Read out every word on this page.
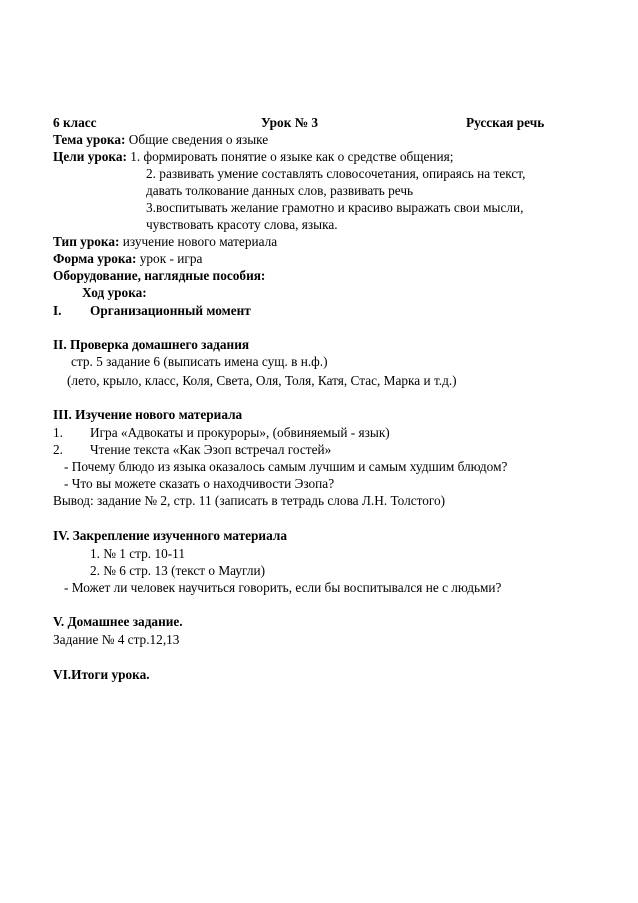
6 класс	Урок № 3	Русская речь
Тема урока: Общие сведения о языке
Цели урока: 1. формировать понятие о языке как о средстве общения;
2. развивать умение составлять словосочетания, опираясь на текст,
давать толкование данных слов, развивать речь
3.воспитывать желание грамотно и красиво выражать свои мысли,
чувствовать красоту слова, языка.
Тип урока: изучение нового материала
Форма урока: урок - игра
Оборудование, наглядные пособия:
Ход урока:
I. Организационный момент
II. Проверка домашнего задания
стр. 5 задание 6 (выписать имена сущ. в н.ф.)
(лето, крыло, класс, Коля, Света, Оля, Толя, Катя, Стас, Марка и т.д.)
III. Изучение нового материала
1. Игра «Адвокаты и прокуроры», (обвиняемый - язык)
2. Чтение текста «Как Эзоп встречал гостей»
- Почему блюдо из языка оказалось самым лучшим и самым худшим блюдом?
- Что вы можете сказать о находчивости Эзопа?
Вывод: задание № 2, стр. 11 (записать в тетрадь слова Л.Н. Толстого)
IV. Закрепление изученного материала
1. № 1 стр. 10-11
2. № 6 стр. 13 (текст о Маугли)
- Может ли человек научиться говорить, если бы воспитывался не с людьми?
V. Домашнее задание.
Задание № 4 стр.12,13
VI.Итоги урока.
